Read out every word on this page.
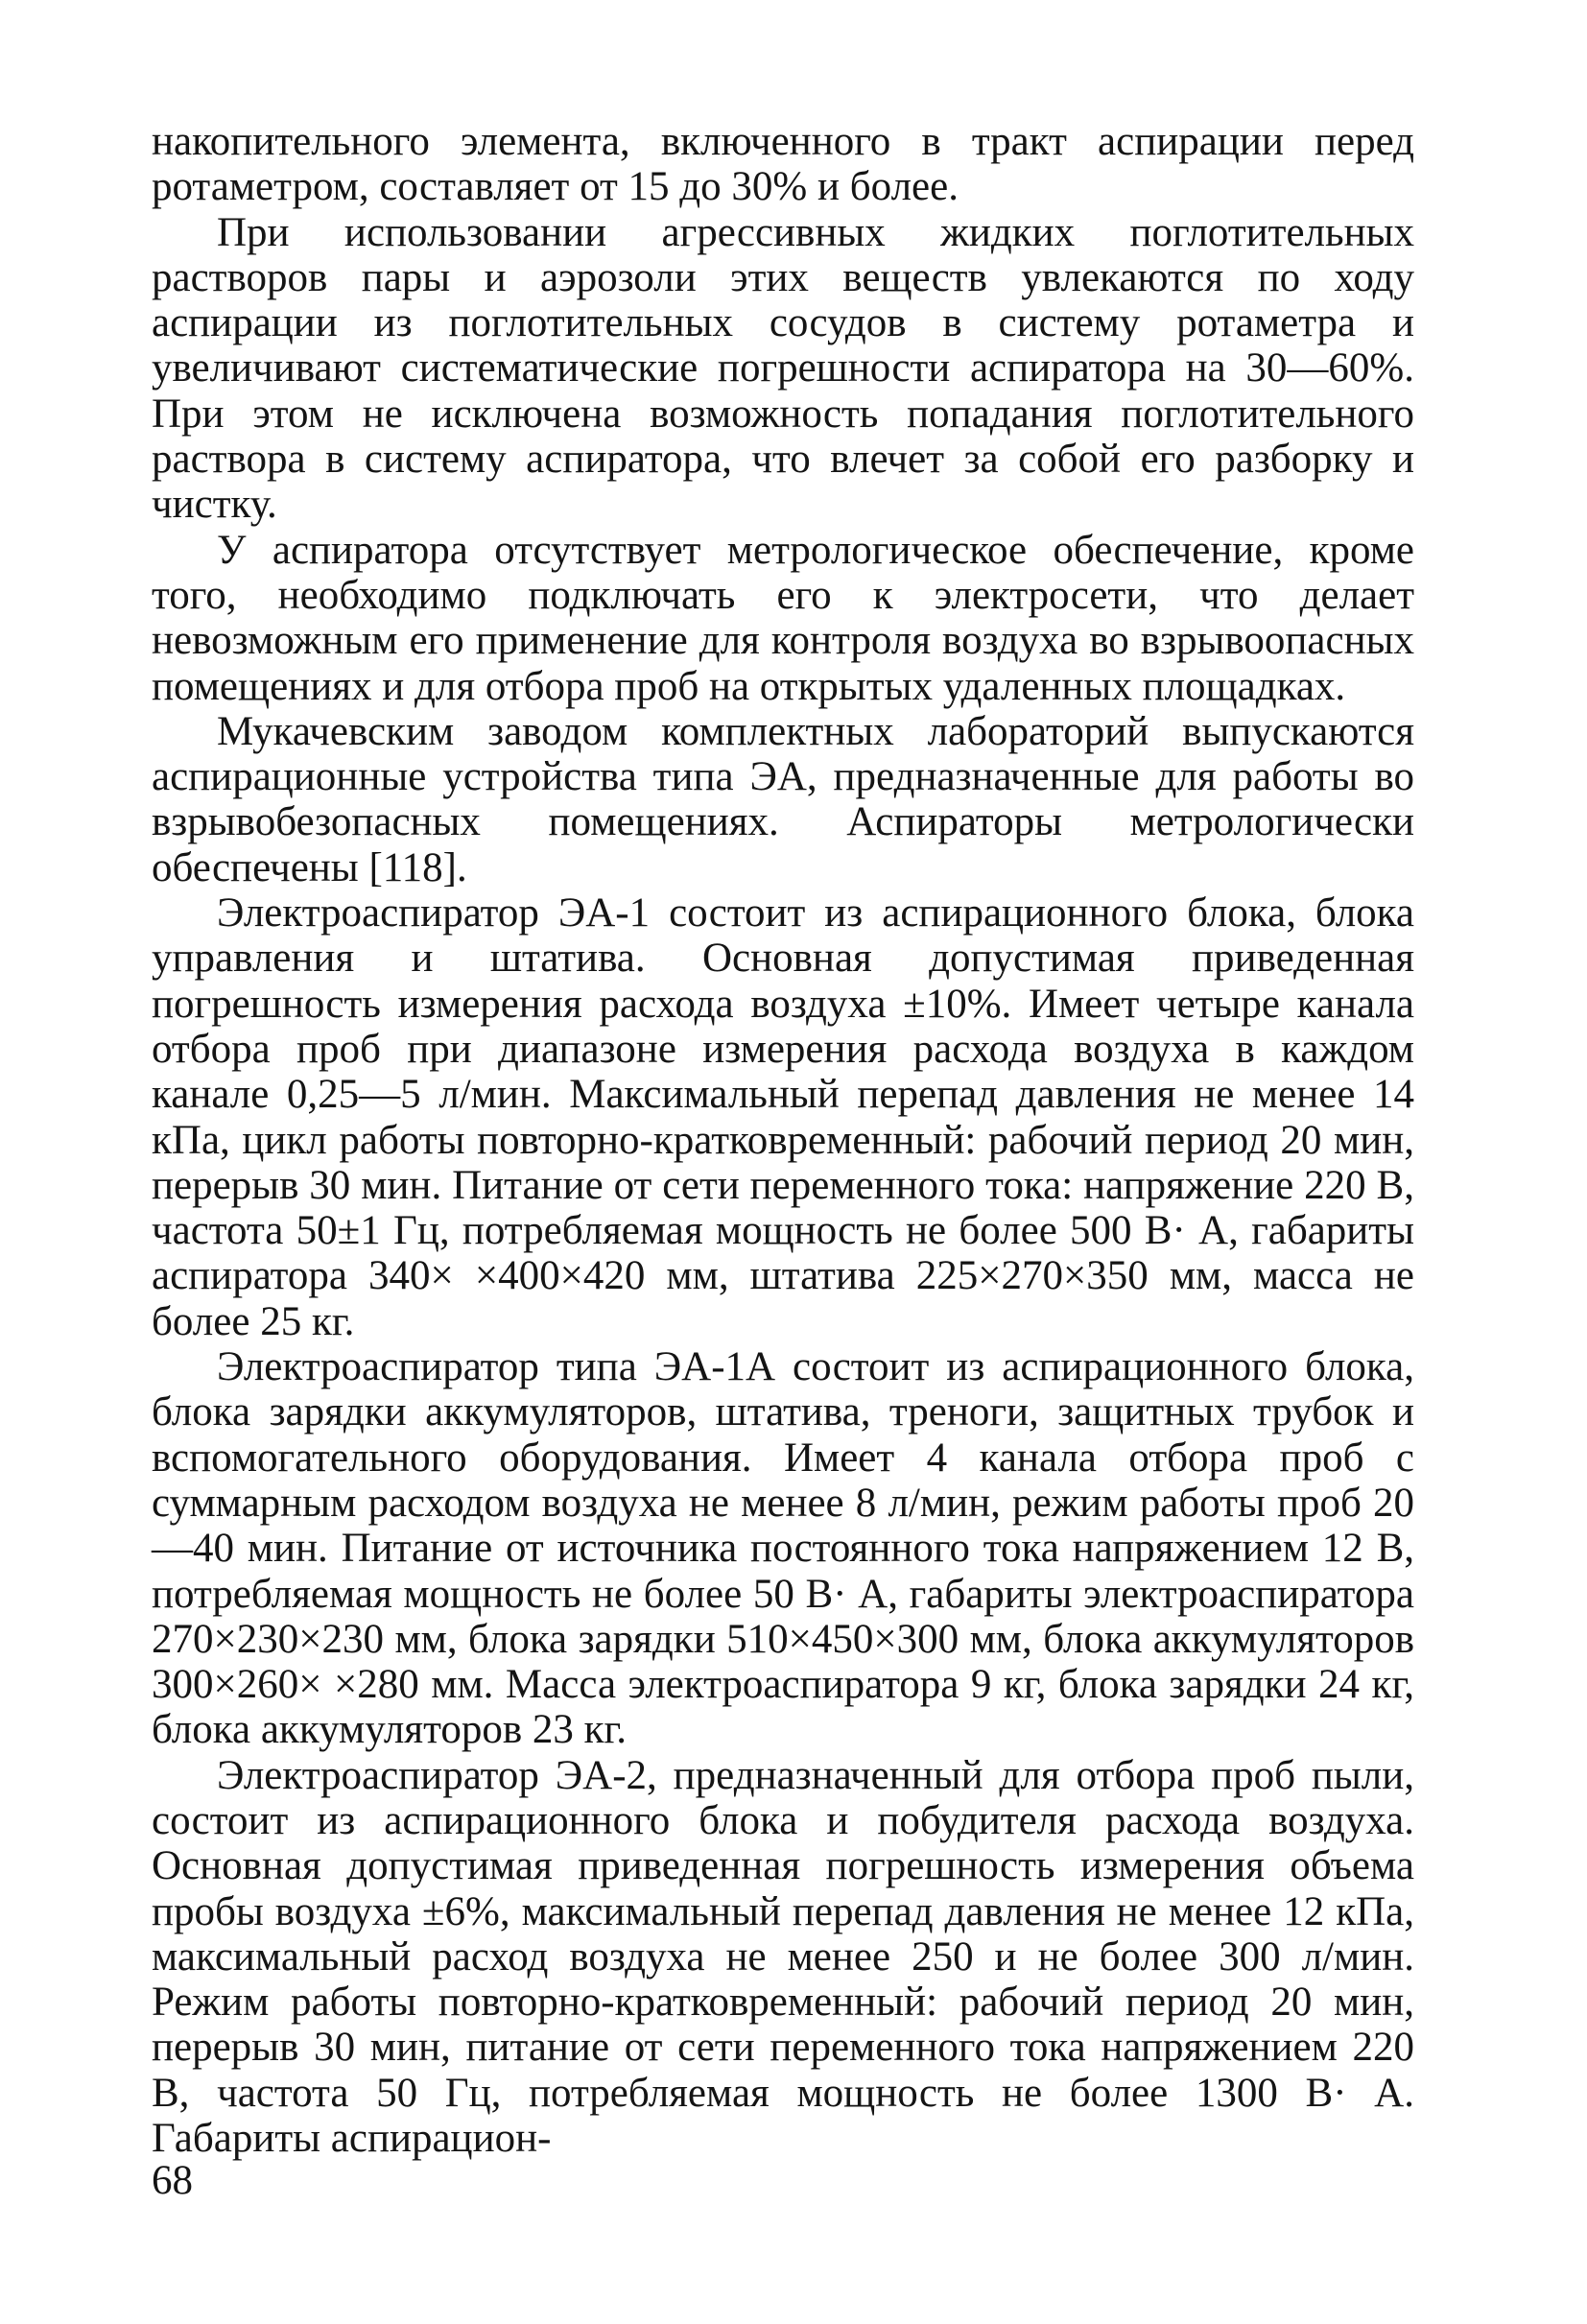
накопительного элемента, включенного в тракт аспирации перед ротаметром, составляет от 15 до 30% и более.

При использовании агрессивных жидких поглотительных растворов пары и аэрозоли этих веществ увлекаются по ходу аспирации из поглотительных сосудов в систему ротаметра и увеличивают систематические погрешности аспиратора на 30—60%. При этом не исключена возможность попадания поглотительного раствора в систему аспиратора, что влечет за собой его разборку и чистку.

У аспиратора отсутствует метрологическое обеспечение, кроме того, необходимо подключать его к электросети, что делает невозможным его применение для контроля воздуха во взрывоопасных помещениях и для отбора проб на открытых удаленных площадках.

Мукачевским заводом комплектных лабораторий выпускаются аспирационные устройства типа ЭА, предназначенные для работы во взрывобезопасных помещениях. Аспираторы метрологически обеспечены [118].

Электроаспиратор ЭА-1 состоит из аспирационного блока, блока управления и штатива. Основная допустимая приведенная погрешность измерения расхода воздуха ±10%. Имеет четыре канала отбора проб при диапазоне измерения расхода воздуха в каждом канале 0,25—5 л/мин. Максимальный перепад давления не менее 14 кПа, цикл работы повторно-кратковременный: рабочий период 20 мин, перерыв 30 мин. Питание от сети переменного тока: напряжение 220 В, частота 50±1 Гц, потребляемая мощность не более 500 В· А, габариты аспиратора 340× ×400×420 мм, штатива 225×270×350 мм, масса не более 25 кг.

Электроаспиратор типа ЭА-1А состоит из аспирационного блока, блока зарядки аккумуляторов, штатива, треноги, защитных трубок и вспомогательного оборудования. Имеет 4 канала отбора проб с суммарным расходом воздуха не менее 8 л/мин, режим работы проб 20—40 мин. Питание от источника постоянного тока напряжением 12 В, потребляемая мощность не более 50 В· А, габариты электроаспиратора 270×230×230 мм, блока зарядки 510×450×300 мм, блока аккумуляторов 300×260× ×280 мм. Масса электроаспиратора 9 кг, блока зарядки 24 кг, блока аккумуляторов 23 кг.

Электроаспиратор ЭА-2, предназначенный для отбора проб пыли, состоит из аспирационного блока и побудителя расхода воздуха. Основная допустимая приведенная погрешность измерения объема пробы воздуха ±6%, максимальный перепад давления не менее 12 кПа, максимальный расход воздуха не менее 250 и не более 300 л/мин. Режим работы повторно-кратковременный: рабочий период 20 мин, перерыв 30 мин, питание от сети переменного тока напряжением 220 В, частота 50 Гц, потребляемая мощность не более 1300 В· А. Габариты аспирацион-

68
